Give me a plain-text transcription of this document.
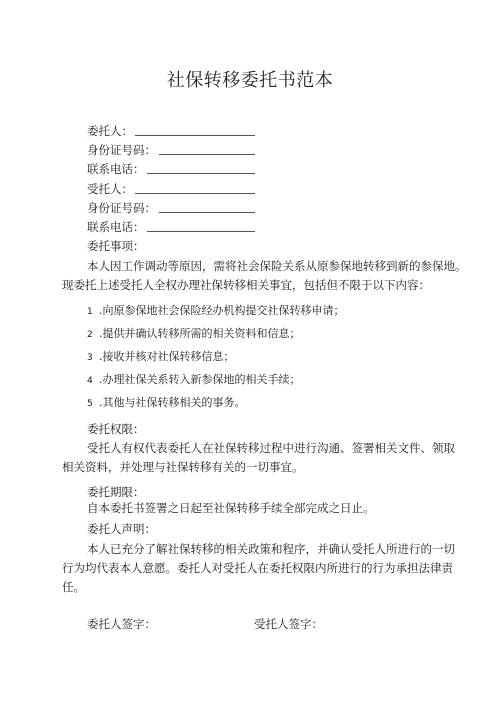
社保转移委托书范本
委托人：
身份证号码：
联系电话：
受托人：
身份证号码：
联系电话：
委托事项：
本人因工作调动等原因，需将社会保险关系从原参保地转移到新的参保地。
现委托上述受托人全权办理社保转移相关事宜，包括但不限于以下内容：
1 .向原参保地社会保险经办机构提交社保转移申请；
2 .提供并确认转移所需的相关资料和信息；
3 .接收并核对社保转移信息；
4 .办理社保关系转入新参保地的相关手续；
5 .其他与社保转移相关的事务。
委托权限：
受托人有权代表委托人在社保转移过程中进行沟通、签署相关文件、领取
相关资料，并处理与社保转移有关的一切事宜。
委托期限：
自本委托书签署之日起至社保转移手续全部完成之日止。
委托人声明：
本人已充分了解社保转移的相关政策和程序，并确认受托人所进行的一切
行为均代表本人意愿。委托人对受托人在委托权限内所进行的行为承担法律责
任。
委托人签字：	受托人签字：
